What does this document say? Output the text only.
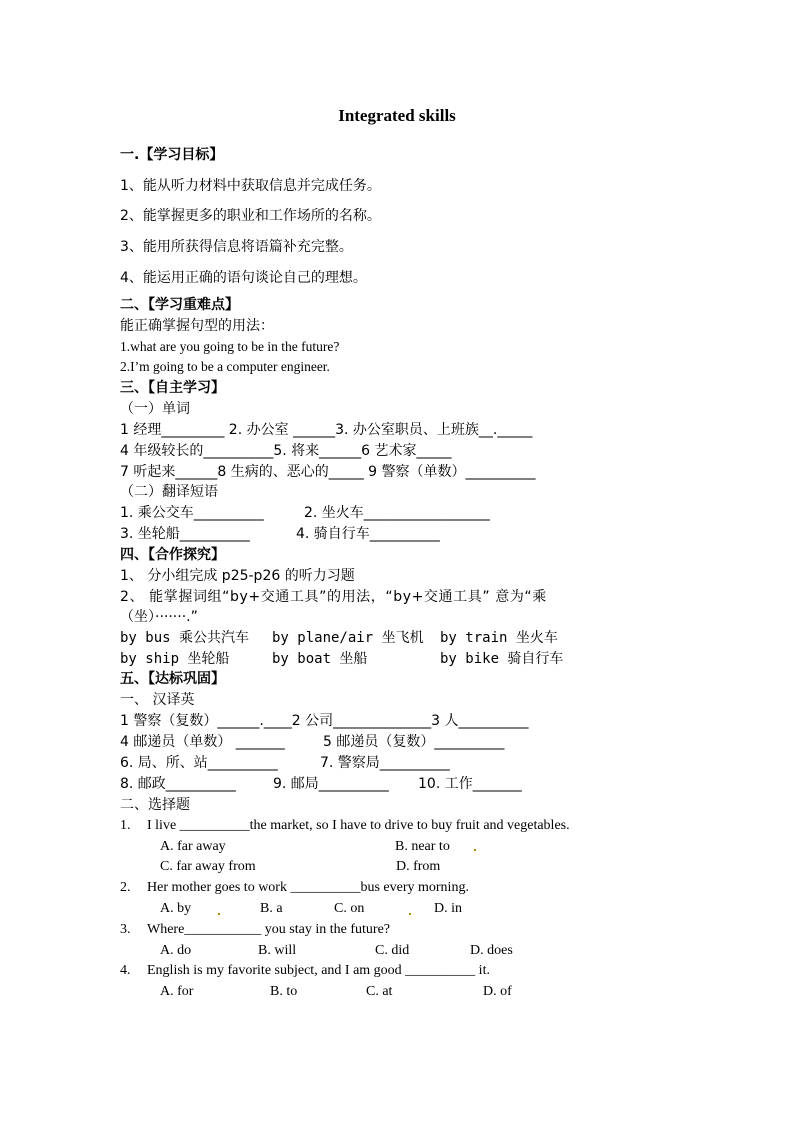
Integrated skills
一.【学习目标】
1、能从听力材料中获取信息并完成任务。
2、能掌握更多的职业和工作场所的名称。
3、能用所获得信息将语篇补充完整。
4、能运用正确的语句谈论自己的理想。
二、【学习重难点】
能正确掌握句型的用法：
1.what are you going to be in the future?
2.I’m going to be a computer engineer.
三、【自主学习】
（一）单词
1 经理_________ 2. 办公室 ______3. 办公室职员、上班族__._____
4 年级较长的__________5. 将来______6 艺术家_____
7 听起来______8 生病的、恶心的_____ 9 警察（单数）__________
（二）翻译短语
1. 乘公交车__________	2. 坐火车__________________
3. 坐轮船__________	4. 骑自行车__________
四、【合作探究】
1、 分小组完成 p25-p26 的听力习题
2、 能掌握词组“by+交通工具”的用法，“by+交通工具” 意为“乘
（坐）·······.”
by bus 乘公共汽车 by plane/air 坐飞机 by train 坐火车
by ship 坐轮船	by boat 坐船	by bike 骑自行车
五、【达标巩固】
一、 汉译英
1 警察（复数）______.____2 公司______________3 人__________
4 邮递员（单数） _______	5 邮递员（复数）__________
6. 局、所、站__________	7. 警察局__________
8. 邮政__________	9. 邮局__________ 10. 工作_______
二、选择题
1. I live __________the market, so I have to drive to buy fruit and vegetables.
A. far away	B. near to
C. far away from	D. from
2. Her mother goes to work __________bus every morning.
A. by	B. a	C. on	D. in
3. Where___________ you stay in the future?
A. do	B. will	C. did	D. does
4. English is my favorite subject, and I am good __________ it.
A. for	B. to	C. at	D. of
